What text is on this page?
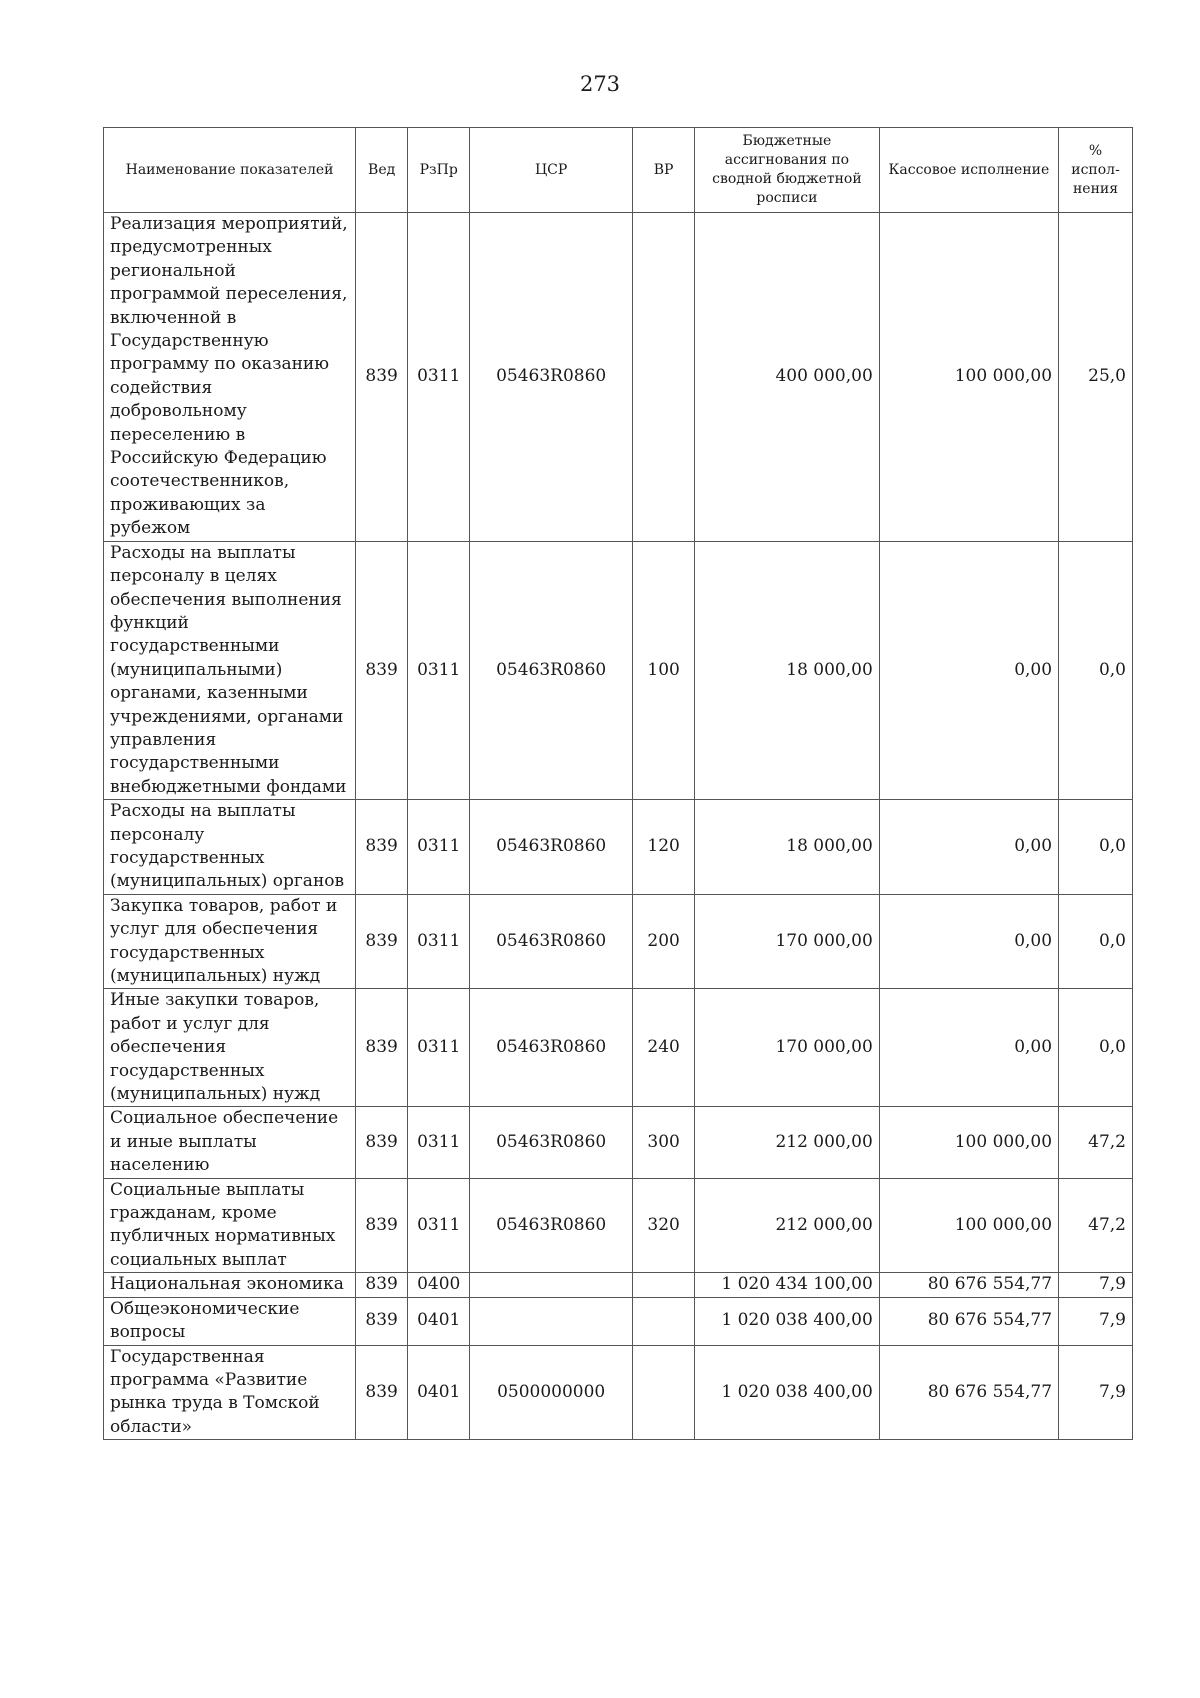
273
Наименование показателей	Вед	РзПр	ЦСР	ВР	Бюджетные ассигнования по сводной бюджетной росписи	Кассовое исполнение	% испол-нения
Реализация мероприятий, предусмотренных региональной программой переселения, включенной в Государственную программу по оказанию содействия добровольному переселению в Российскую Федерацию соотечественников, проживающих за рубежом	839	0311	05463R0860		400 000,00	100 000,00	25,0
Расходы на выплаты персоналу в целях обеспечения выполнения функций государственными (муниципальными) органами, казенными учреждениями, органами управления государственными внебюджетными фондами	839	0311	05463R0860	100	18 000,00	0,00	0,0
Расходы на выплаты персоналу государственных (муниципальных) органов	839	0311	05463R0860	120	18 000,00	0,00	0,0
Закупка товаров, работ и услуг для обеспечения государственных (муниципальных) нужд	839	0311	05463R0860	200	170 000,00	0,00	0,0
Иные закупки товаров, работ и услуг для обеспечения государственных (муниципальных) нужд	839	0311	05463R0860	240	170 000,00	0,00	0,0
Социальное обеспечение и иные выплаты населению	839	0311	05463R0860	300	212 000,00	100 000,00	47,2
Социальные выплаты гражданам, кроме публичных нормативных социальных выплат	839	0311	05463R0860	320	212 000,00	100 000,00	47,2
Национальная экономика	839	0400			1 020 434 100,00	80 676 554,77	7,9
Общеэкономические вопросы	839	0401			1 020 038 400,00	80 676 554,77	7,9
Государственная программа «Развитие рынка труда в Томской области»	839	0401	0500000000		1 020 038 400,00	80 676 554,77	7,9
